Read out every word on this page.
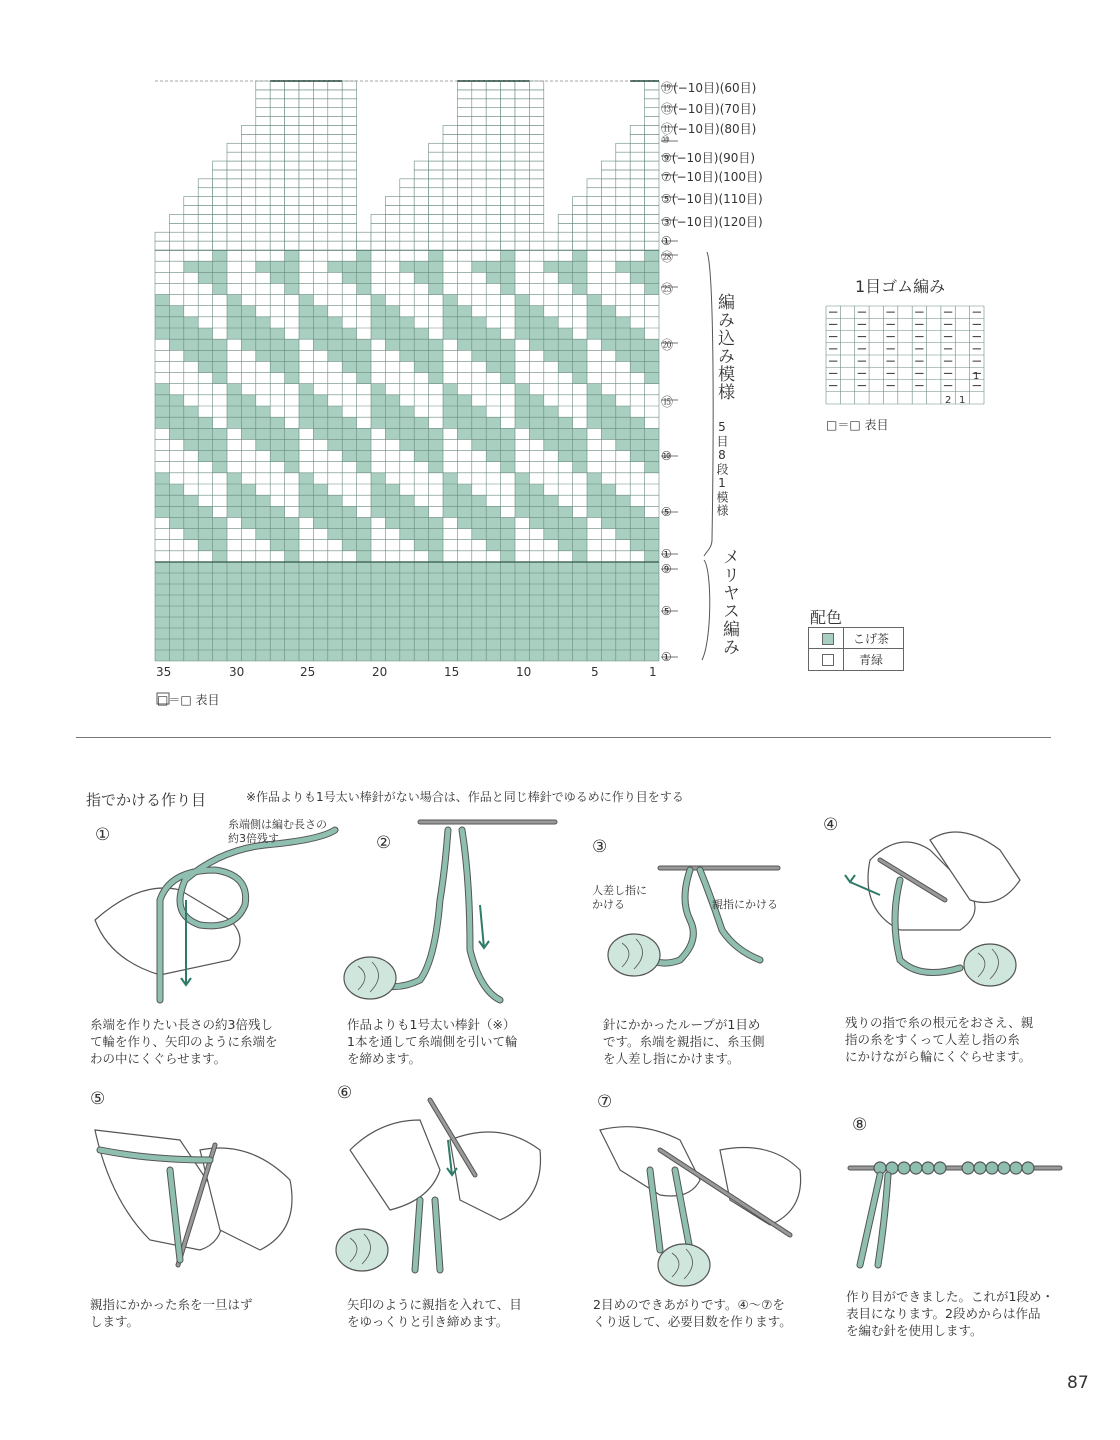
⑲(−10目)(60目)
⑬(−10目)(70目)
⑪(−10目)(80目)
⑩
⑨(−10目)(90目)
⑦(−10目)(100目)
⑤(−10目)(110目)
③(−10目)(120目)
①
㉘
㉕
⑳
⑮
⑩
⑤
①
⑨
⑤
①
編み込み模様
5目8段1模様
メリヤス編み
35	30	25	20	15	10	5	1
□＝□ 表目
1目ゴム編み
1
2 1
□＝□ 表目
配色
こげ茶
青緑
指でかける作り目	※作品よりも1号太い棒針がない場合は、作品と同じ棒針でゆるめに作り目をする
①	②	③
④
⑤	⑥	⑦
⑧
糸端側は編む長さの
約3倍残す
人差し指に
かける	親指にかける
糸端を作りたい長さの約3倍残し
て輪を作り、矢印のように糸端を
わの中にくぐらせます。
作品よりも1号太い棒針（※）
1本を通して糸端側を引いて輪
を締めます。
針にかかったループが1目め
です。糸端を親指に、糸玉側
を人差し指にかけます。
残りの指で糸の根元をおさえ、親
指の糸をすくって人差し指の糸
にかけながら輪にくぐらせます。
親指にかかった糸を一旦はず
します。
矢印のように親指を入れて、目
をゆっくりと引き締めます。
2目めのできあがりです。④〜⑦を
くり返して、必要目数を作ります。
作り目ができました。これが1段め・
表目になります。2段めからは作品
を編む針を使用します。
87
